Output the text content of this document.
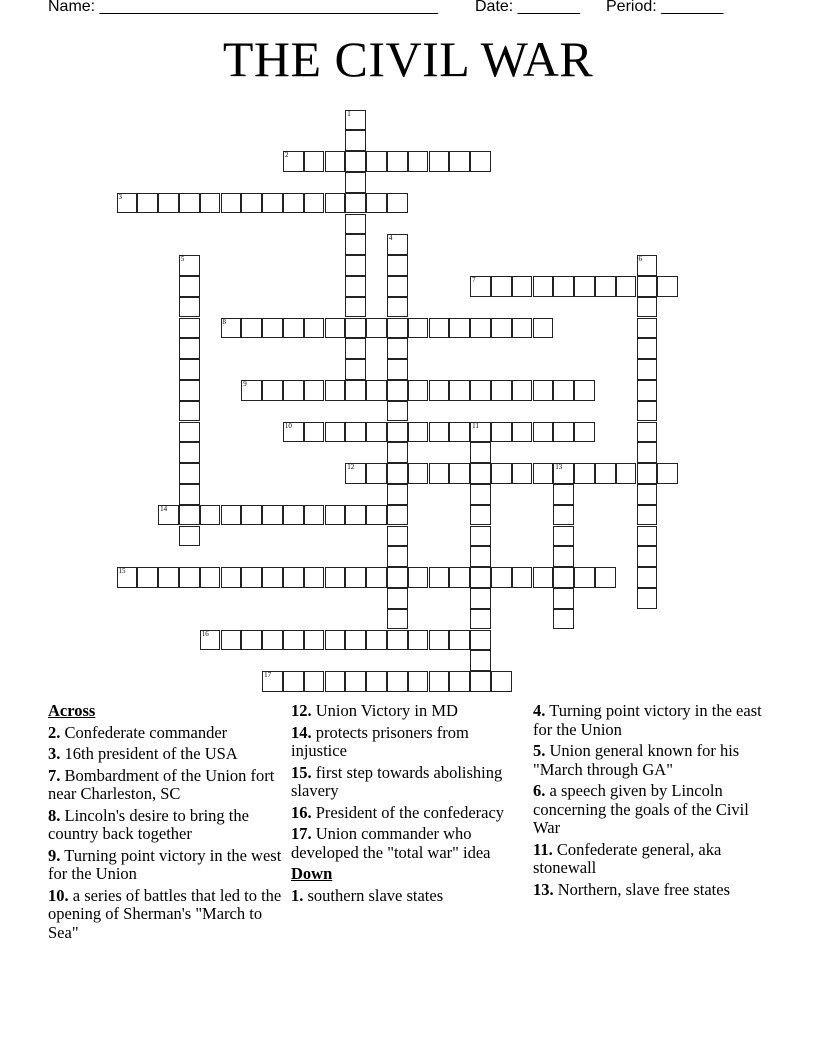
Name: ______________________________________ Date: _______ Period: _______
THE CIVIL WAR
1
2
3
4
5	6
7
8
9
10	11
12	13
14
15
16
17
Across
2. Confederate commander
3. 16th president of the USA
7. Bombardment of the Union fort near Charleston, SC
8. Lincoln's desire to bring the country back together
9. Turning point victory in the west for the Union
10. a series of battles that led to the opening of Sherman's "March to Sea"
12. Union Victory in MD
14. protects prisoners from injustice
15. first step towards abolishing slavery
16. President of the confederacy
17. Union commander who developed the "total war" idea
Down
1. southern slave states
4. Turning point victory in the east for the Union
5. Union general known for his "March through GA"
6. a speech given by Lincoln concerning the goals of the Civil War
11. Confederate general, aka stonewall
13. Northern, slave free states
